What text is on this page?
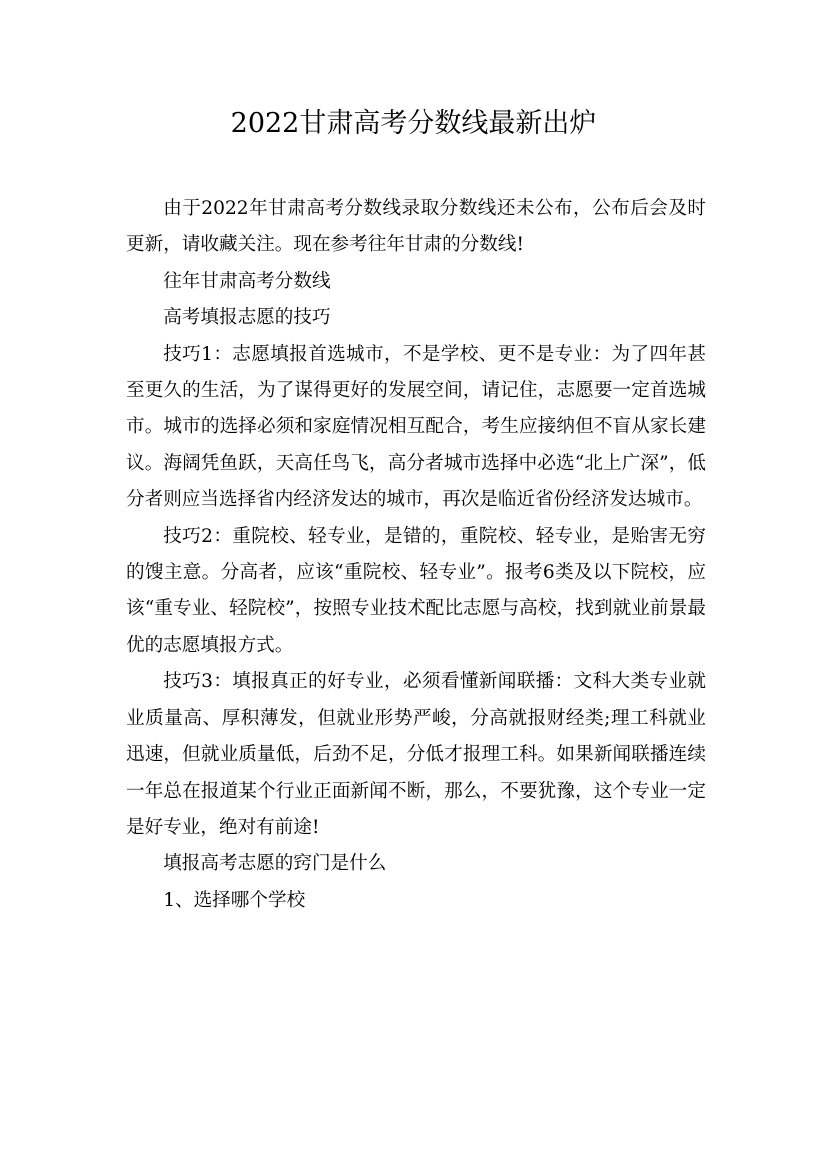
2022甘肃高考分数线最新出炉

由于2022年甘肃高考分数线录取分数线还未公布，公布后会及时更新，请收藏关注。现在参考往年甘肃的分数线!

往年甘肃高考分数线

高考填报志愿的技巧

技巧1：志愿填报首选城市，不是学校、更不是专业：为了四年甚至更久的生活，为了谋得更好的发展空间，请记住，志愿要一定首选城市。城市的选择必须和家庭情况相互配合，考生应接纳但不盲从家长建议。海阔凭鱼跃，天高任鸟飞，高分者城市选择中必选“北上广深”，低分者则应当选择省内经济发达的城市，再次是临近省份经济发达城市。

技巧2：重院校、轻专业，是错的，重院校、轻专业，是贻害无穷的馊主意。分高者，应该“重院校、轻专业”。报考6类及以下院校，应该“重专业、轻院校”，按照专业技术配比志愿与高校，找到就业前景最优的志愿填报方式。

技巧3：填报真正的好专业，必须看懂新闻联播：文科大类专业就业质量高、厚积薄发，但就业形势严峻，分高就报财经类;理工科就业迅速，但就业质量低，后劲不足，分低才报理工科。如果新闻联播连续一年总在报道某个行业正面新闻不断，那么，不要犹豫，这个专业一定是好专业，绝对有前途!

填报高考志愿的窍门是什么

1、选择哪个学校
